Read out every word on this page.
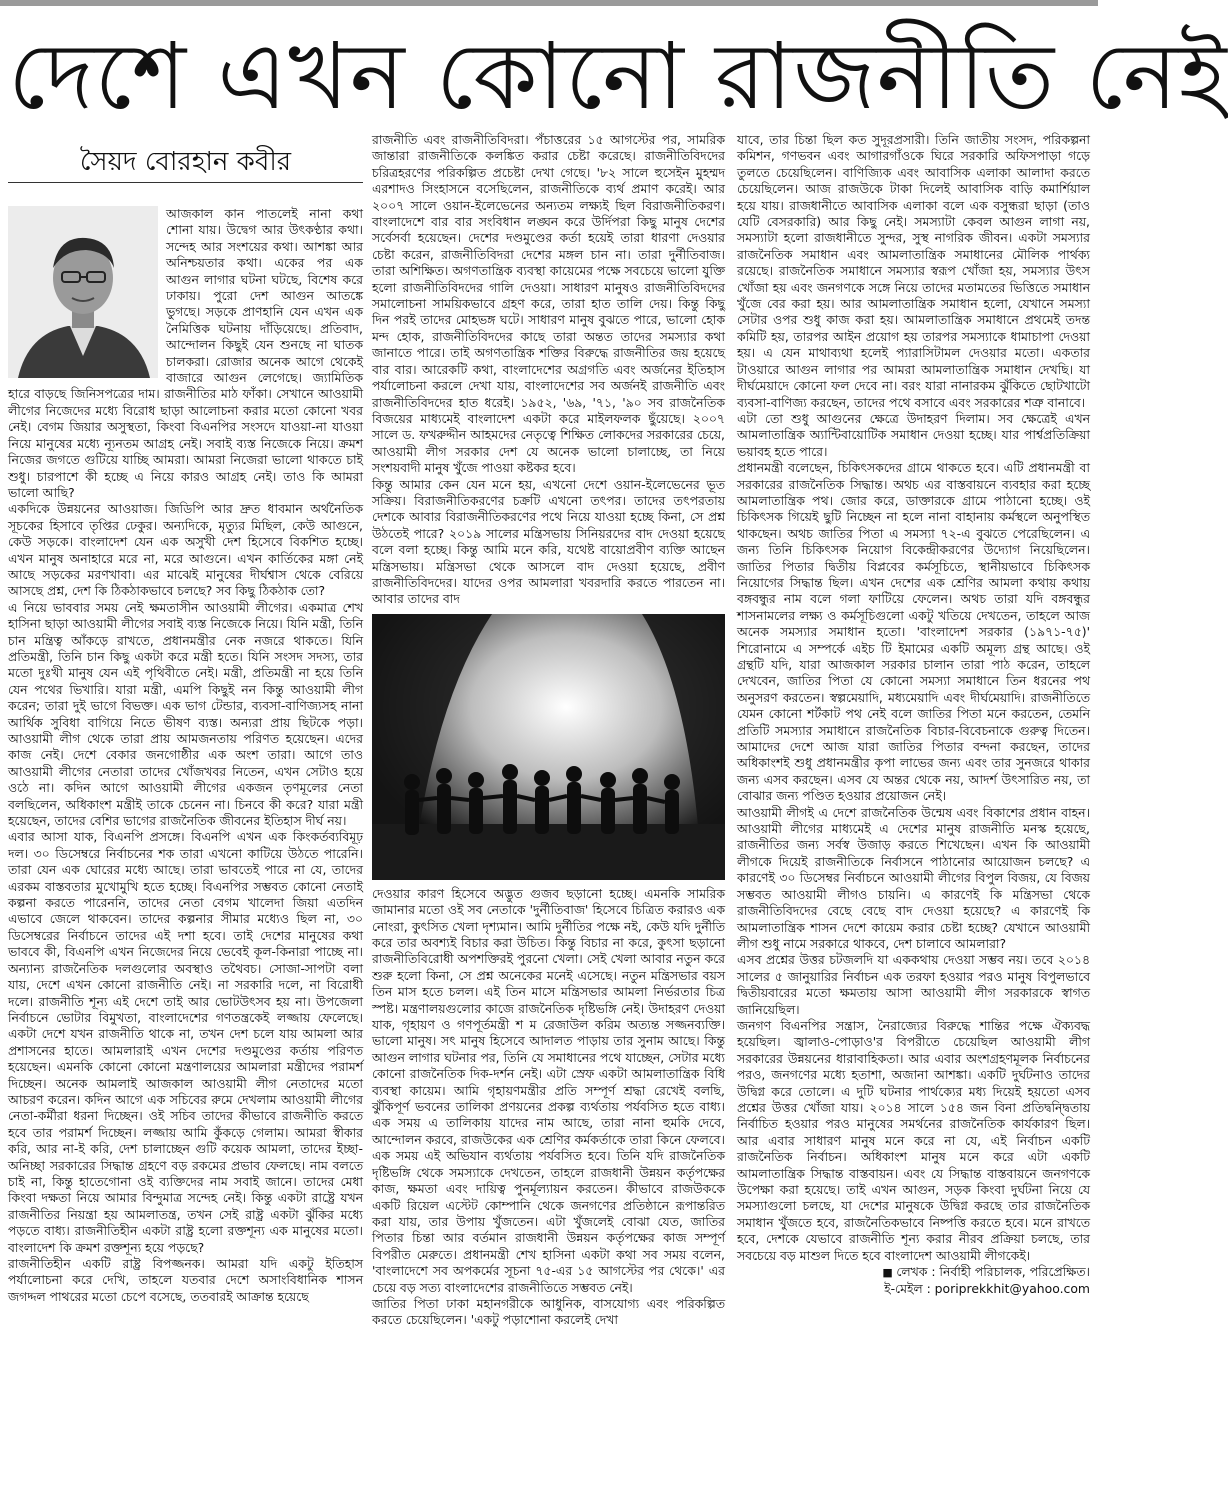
দেশে এখন কোনো রাজনীতি নেই
সৈয়দ বোরহান কবীর

আজকাল কান পাতলেই নানা কথা শোনা যায়। উদ্বেগ আর উৎকণ্ঠার কথা। সন্দেহ আর সংশয়ের কথা। আশঙ্কা আর অনিশ্চয়তার কথা। একের পর এক আগুন লাগার ঘটনা ঘটছে, বিশেষ করে ঢাকায়। পুরো দেশ আগুন আতঙ্কে ভুগছে। সড়কে প্রাণহানি যেন এখন এক নৈমিত্তিক ঘটনায় দাঁড়িয়েছে। প্রতিবাদ, আন্দোলন কিছুই যেন শুনছে না ঘাতক চালকরা। রোজার অনেক আগে থেকেই বাজারে আগুন লেগেছে। জ্যামিতিক হারে বাড়ছে জিনিসপত্রের দাম। রাজনীতির মাঠ ফাঁকা। সেখানে আওয়ামী লীগের নিজেদের মধ্যে বিরোধ ছাড়া আলোচনা করার মতো কোনো খবর নেই। বেগম জিয়ার অসুস্থতা, কিংবা বিএনপির সংসদে যাওয়া-না যাওয়া নিয়ে মানুষের মধ্যে ন্যূনতম আগ্রহ নেই। সবাই ব্যস্ত নিজেকে নিয়ে। ক্রমশ নিজের জগতে গুটিয়ে যাচ্ছি আমরা। আমরা নিজেরা ভালো থাকতে চাই শুধু। চারপাশে কী হচ্ছে এ নিয়ে কারও আগ্রহ নেই। তাও কি আমরা ভালো আছি?

একদিকে উন্নয়নের আওয়াজ। জিডিপি আর দ্রুত ধাবমান অর্থনৈতিক সূচকের হিসাবে তৃপ্তির ঢেকুর। অন্যদিকে, মৃত্যুর মিছিল, কেউ আগুনে, কেউ সড়কে। বাংলাদেশ যেন এক অসুখী দেশ হিসেবে বিকশিত হচ্ছে। এখন মানুষ অনাহারে মরে না, মরে আগুনে। এখন কার্তিকের মঙ্গা নেই আছে সড়কের মরণখাবা। এর মাঝেই মানুষের দীর্ঘশ্বাস থেকে বেরিয়ে আসছে প্রশ্ন, দেশ কি ঠিকঠাকভাবে চলছে? সব কিছু ঠিকঠাক তো?

এ নিয়ে ভাববার সময় নেই ক্ষমতাসীন আওয়ামী লীগের। একমাত্র শেখ হাসিনা ছাড়া আওয়ামী লীগের সবাই ব্যস্ত নিজেকে নিয়ে। যিনি মন্ত্রী, তিনি চান মন্ত্রিত্ব আঁকড়ে রাখতে, প্রধানমন্ত্রীর নেক নজরে থাকতে। যিনি প্রতিমন্ত্রী, তিনি চান কিছু একটা করে মন্ত্রী হতে। যিনি সংসদ সদস্য, তার মতো দুঃখী মানুষ যেন এই পৃথিবীতে নেই। মন্ত্রী, প্রতিমন্ত্রী না হয়ে তিনি যেন পথের ভিখারি। যারা মন্ত্রী, এমপি কিছুই নন কিন্তু আওয়ামী লীগ করেন; তারা দুই ভাগে বিভক্ত। এক ভাগ টেন্ডার, ব্যবসা-বাণিজ্যসহ নানা আর্থিক সুবিধা বাগিয়ে নিতে ভীষণ ব্যস্ত। অন্যরা প্রায় ছিটকে পড়া। আওয়ামী লীগ থেকে তারা প্রায় আমজনতায় পরিণত হয়েছেন। এদের কাজ নেই। দেশে বেকার জনগোষ্ঠীর এক অংশ তারা। আগে তাও আওয়ামী লীগের নেতারা তাদের খোঁজখবর নিতেন, এখন সেটাও হয়ে ওঠে না। কদিন আগে আওয়ামী লীগের একজন তৃণমূলের নেতা বলছিলেন, অধিকাংশ মন্ত্রীই তাকে চেনেন না। চিনবে কী করে? যারা মন্ত্রী হয়েছেন, তাদের বেশির ভাগের রাজনৈতিক জীবনের ইতিহাস দীর্ঘ নয়।

এবার আসা যাক, বিএনপি প্রসঙ্গে। বিএনপি এখন এক কিংকর্তব্যবিমূঢ় দল। ৩০ ডিসেম্বরে নির্বাচনের শক তারা এখনো কাটিয়ে উঠতে পারেনি। তারা যেন এক ঘোরের মধ্যে আছে। তারা ভাবতেই পারে না যে, তাদের এরকম বাস্তবতার মুখোমুখি হতে হচ্ছে। বিএনপির সম্ভবত কোনো নেতাই কল্পনা করতে পারেননি, তাদের নেতা বেগম খালেদা জিয়া এতদিন এভাবে জেলে থাকবেন। তাদের কল্পনার সীমার মধ্যেও ছিল না, ৩০ ডিসেম্বরের নির্বাচনে তাদের এই দশা হবে। তাই দেশের মানুষের কথা ভাববে কী, বিএনপি এখন নিজেদের নিয়ে ভেবেই কূল-কিনারা পাচ্ছে না। অন্যান্য রাজনৈতিক দলগুলোর অবস্থাও তথৈবচ। সোজা-সাপটা বলা যায়, দেশে এখন কোনো রাজনীতি নেই। না সরকারি দলে, না বিরোধী দলে। রাজনীতি শূন্য এই দেশে তাই আর ভোটউৎসব হয় না। উপজেলা নির্বাচনে ভোটার বিমুখতা, বাংলাদেশের গণতন্ত্রকেই লজ্জায় ফেলেছে। একটা দেশে যখন রাজনীতি থাকে না, তখন দেশ চলে যায় আমলা আর প্রশাসনের হাতে। আমলারাই এখন দেশের দণ্ডমুণ্ডের কর্তায় পরিণত হয়েছেন। এমনকি কোনো কোনো মন্ত্রণালয়ের আমলারা মন্ত্রীদের পরামর্শ দিচ্ছেন। অনেক আমলাই আজকাল আওয়ামী লীগ নেতাদের মতো আচরণ করেন। কদিন আগে এক সচিবের রুমে দেখলাম আওয়ামী লীগের নেতা-কর্মীরা ধরনা দিচ্ছেন। ওই সচিব তাদের কীভাবে রাজনীতি করতে হবে তার পরামর্শ দিচ্ছেন। লজ্জায় আমি কুঁকড়ে গেলাম। আমরা স্বীকার করি, আর না-ই করি, দেশ চালাচ্ছেন গুটি কয়েক আমলা, তাদের ইচ্ছা-অনিচ্ছা সরকারের সিদ্ধান্ত গ্রহণে বড় রকমের প্রভাব ফেলছে। নাম বলতে চাই না, কিন্তু হাতেগোনা ওই ব্যক্তিদের নাম সবাই জানে। তাদের মেধা কিংবা দক্ষতা নিয়ে আমার বিন্দুমাত্র সন্দেহ নেই। কিন্তু একটা রাষ্ট্রে যখন রাজনীতির নিয়ন্ত্রা হয় আমলাতন্ত্র, তখন সেই রাষ্ট্র একটা ঝুঁকির মধ্যে পড়তে বাধ্য। রাজনীতিহীন একটা রাষ্ট্র হলো রক্তশূন্য এক মানুষের মতো। বাংলাদেশ কি ক্রমশ রক্তশূন্য হয়ে পড়ছে?

রাজনীতিহীন একটি রাষ্ট্র বিপজ্জনক। আমরা যদি একটু ইতিহাস পর্যালোচনা করে দেখি, তাহলে যতবার দেশে অসাংবিধানিক শাসন জগদ্দল পাথরের মতো চেপে বসেছে, ততবারই আক্রান্ত হয়েছে

রাজনীতি এবং রাজনীতিবিদরা। পঁচাত্তরের ১৫ আগস্টের পর, সামরিক জান্তারা রাজনীতিকে কলঙ্কিত করার চেষ্টা করেছে। রাজনীতিবিদদের চরিত্রহরণের পরিকল্পিত প্রচেষ্টা দেখা গেছে। '৮২ সালে হুসেইন মুহম্মদ এরশাদও সিংহাসনে বসেছিলেন, রাজনীতিকে ব্যর্থ প্রমাণ করেই। আর ২০০৭ সালে ওয়ান-ইলেভেনের অন্যতম লক্ষ্যই ছিল বিরাজনীতিকরণ। বাংলাদেশে বার বার সংবিধান লঙ্ঘন করে উর্দিপরা কিছু মানুষ দেশের সর্বেসর্বা হয়েছেন। দেশের দণ্ডমুণ্ডের কর্তা হয়েই তারা ধারণা দেওয়ার চেষ্টা করেন, রাজনীতিবিদরা দেশের মঙ্গল চান না। তারা দুর্নীতিবাজ। তারা অশিক্ষিত। অগণতান্ত্রিক ব্যবস্থা কায়েমের পক্ষে সবচেয়ে ভালো যুক্তি হলো রাজনীতিবিদদের গালি দেওয়া। সাধারণ মানুষও রাজনীতিবিদদের সমালোচনা সাময়িকভাবে গ্রহণ করে, তারা হাত তালি দেয়। কিন্তু কিছু দিন পরই তাদের মোহভঙ্গ ঘটে। সাধারণ মানুষ বুঝতে পারে, ভালো হোক মন্দ হোক, রাজনীতিবিদদের কাছে তারা অন্তত তাদের সমস্যার কথা জানাতে পারে। তাই অগণতান্ত্রিক শক্তির বিরুদ্ধে রাজনীতির জয় হয়েছে বার বার। আরেকটি কথা, বাংলাদেশের অগ্রগতি এবং অর্জনের ইতিহাস পর্যালোচনা করলে দেখা যায়, বাংলাদেশের সব অর্জনই রাজনীতি এবং রাজনীতিবিদদের হাত ধরেই। ১৯৫২, '৬৯, '৭১, '৯০ সব রাজনৈতিক বিজয়ের মাধ্যমেই বাংলাদেশ একটা করে মাইলফলক ছুঁয়েছে। ২০০৭ সালে ড. ফখরুদ্দীন আহমদের নেতৃত্বে শিক্ষিত লোকদের সরকারের চেয়ে, আওয়ামী লীগ সরকার দেশ যে অনেক ভালো চালাচ্ছে, তা নিয়ে সংশয়বাদী মানুষ খুঁজে পাওয়া কষ্টকর হবে।

কিন্তু আমার কেন যেন মনে হয়, এখনো দেশে ওয়ান-ইলেভেনের ভূত সক্রিয়। বিরাজনীতিকরণের চক্রটি এখনো তৎপর। তাদের তৎপরতায় দেশকে আবার বিরাজনীতিকরণের পথে নিয়ে যাওয়া হচ্ছে কিনা, সে প্রশ্ন উঠতেই পারে? ২০১৯ সালের মন্ত্রিসভায় সিনিয়রদের বাদ দেওয়া হয়েছে বলে বলা হচ্ছে। কিন্তু আমি মনে করি, যথেষ্ট বায়োপ্রবীণ ব্যক্তি আছেন মন্ত্রিসভায়। মন্ত্রিসভা থেকে আসলে বাদ দেওয়া হয়েছে, প্রবীণ রাজনীতিবিদদের। যাদের ওপর আমলারা খবরদারি করতে পারতেন না। আবার তাদের বাদ

দেওয়ার কারণ হিসেবে অদ্ভুত গুজব ছড়ানো হচ্ছে। এমনকি সামরিক জামানার মতো ওই সব নেতাকে 'দুর্নীতিবাজ' হিসেবে চিত্রিত করারও এক নোংরা, কুৎসিত খেলা দৃশ্যমান। আমি দুর্নীতির পক্ষে নই, কেউ যদি দুর্নীতি করে তার অবশ্যই বিচার করা উচিত। কিন্তু বিচার না করে, কুৎসা ছড়ানো রাজনীতিবিরোধী অপশক্তিরই পুরনো খেলা। সেই খেলা আবার নতুন করে শুরু হলো কিনা, সে প্রশ্ন অনেকের মনেই এসেছে। নতুন মন্ত্রিসভার বয়স তিন মাস হতে চলল। এই তিন মাসে মন্ত্রিসভার আমলা নির্ভরতার চিত্র স্পষ্ট। মন্ত্রণালয়গুলোর কাজে রাজনৈতিক দৃষ্টিভঙ্গি নেই। উদাহরণ দেওয়া যাক, গৃহায়ণ ও গণপূর্তমন্ত্রী শ ম রেজাউল করিম অত্যন্ত সজ্জনব্যক্তি। ভালো মানুষ। সৎ মানুষ হিসেবে আদালত পাড়ায় তার সুনাম আছে। কিন্তু আগুন লাগার ঘটনার পর, তিনি যে সমাধানের পথে যাচ্ছেন, সেটার মধ্যে কোনো রাজনৈতিক দিক-দর্শন নেই। এটা স্রেফ একটা আমলাতান্ত্রিক বিধি ব্যবস্থা কায়েম। আমি গৃহায়ণমন্ত্রীর প্রতি সম্পূর্ণ শ্রদ্ধা রেখেই বলছি, ঝুঁকিপূর্ণ ভবনের তালিকা প্রণয়নের প্রকল্প ব্যর্থতায় পর্যবসিত হতে বাধ্য। এক সময় এ তালিকায় যাদের নাম আছে, তারা নানা হুমকি দেবে, আন্দোলন করবে, রাজউকের এক শ্রেণির কর্মকর্তাকে তারা কিনে ফেলবে। এক সময় এই অভিযান ব্যর্থতায় পর্যবসিত হবে। তিনি যদি রাজনৈতিক দৃষ্টিভঙ্গি থেকে সমস্যাকে দেখতেন, তাহলে রাজধানী উন্নয়ন কর্তৃপক্ষের কাজ, ক্ষমতা এবং দায়িত্ব পুনর্মূল্যায়ন করতেন। কীভাবে রাজউককে একটি রিয়েল এস্টেট কোম্পানি থেকে জনগণের প্রতিষ্ঠানে রূপান্তরিত করা যায়, তার উপায় খুঁজতেন। এটা খুঁজলেই বোঝা যেত, জাতির পিতার চিন্তা আর বর্তমান রাজধানী উন্নয়ন কর্তৃপক্ষের কাজ সম্পূর্ণ বিপরীত মেরুতে। প্রধানমন্ত্রী শেখ হাসিনা একটা কথা সব সময় বলেন, 'বাংলাদেশে সব অপকর্মের সূচনা ৭৫-এর ১৫ আগস্টের পর থেকে।' এর চেয়ে বড় সত্য বাংলাদেশের রাজনীতিতে সম্ভবত নেই।

জাতির পিতা ঢাকা মহানগরীকে আধুনিক, বাসযোগ্য এবং পরিকল্পিত করতে চেয়েছিলেন। 'একটু পড়াশোনা করলেই দেখা

যাবে, তার চিন্তা ছিল কত সুদূরপ্রসারী। তিনি জাতীয় সংসদ, পরিকল্পনা কমিশন, গণভবন এবং আগারগাঁওকে ঘিরে সরকারি অফিসপাড়া গড়ে তুলতে চেয়েছিলেন। বাণিজ্যিক এবং আবাসিক এলাকা আলাদা করতে চেয়েছিলেন। আজ রাজউকে টাকা দিলেই আবাসিক বাড়ি কমার্শিয়াল হয়ে যায়। রাজধানীতে আবাসিক এলাকা বলে এক বসুন্ধরা ছাড়া (তাও যেটি বেসরকারি) আর কিছু নেই। সমস্যাটা কেবল আগুন লাগা নয়, সমস্যাটা হলো রাজধানীতে সুন্দর, সুস্থ নাগরিক জীবন। একটা সমস্যার রাজনৈতিক সমাধান এবং আমলাতান্ত্রিক সমাধানের মৌলিক পার্থক্য রয়েছে। রাজনৈতিক সমাধানে সমস্যার স্বরূপ খোঁজা হয়, সমস্যার উৎস খোঁজা হয় এবং জনগণকে সঙ্গে নিয়ে তাদের মতামতের ভিত্তিতে সমাধান খুঁজে বের করা হয়। আর আমলাতান্ত্রিক সমাধান হলো, যেখানে সমস্যা সেটার ওপর শুধু কাজ করা হয়। আমলাতান্ত্রিক সমাধানে প্রথমেই তদন্ত কমিটি হয়, তারপর আইন প্রয়োগ হয় তারপর সমস্যাকে ধামাচাপা দেওয়া হয়। এ যেন মাথাব্যথা হলেই প্যারাসিটামল দেওয়ার মতো। একতার টাওয়ারে আগুন লাগার পর আমরা আমলাতান্ত্রিক সমাধান দেখছি। যা দীর্ঘমেয়াদে কোনো ফল দেবে না। বরং যারা নানারকম ঝুঁকিতে ছোটখাটো ব্যবসা-বাণিজ্য করছেন, তাদের পথে বসাবে এবং সরকারের শত্রু বানাবে।

এটা তো শুধু আগুনের ক্ষেত্রে উদাহরণ দিলাম। সব ক্ষেত্রেই এখন আমলাতান্ত্রিক অ্যান্টিবায়োটিক সমাধান দেওয়া হচ্ছে। যার পার্শ্বপ্রতিক্রিয়া ভয়াবহ হতে পারে।

প্রধানমন্ত্রী বলেছেন, চিকিৎসকদের গ্রামে থাকতে হবে। এটি প্রধানমন্ত্রী বা সরকারের রাজনৈতিক সিদ্ধান্ত। অথচ এর বাস্তবায়নে ব্যবহার করা হচ্ছে আমলাতান্ত্রিক পথ। জোর করে, ডাক্তারকে গ্রামে পাঠানো হচ্ছে। ওই চিকিৎসক গিয়েই ছুটি নিচ্ছেন না হলে নানা বাহানায় কর্মস্থলে অনুপস্থিত থাকছেন। অথচ জাতির পিতা এ সমস্যা ৭২-এ বুঝতে পেরেছিলেন। এ জন্য তিনি চিকিৎসক নিয়োগ বিকেন্দ্রীকরণের উদ্যোগ নিয়েছিলেন। জাতির পিতার দ্বিতীয় বিপ্লবের কর্মসূচিতে, স্থানীয়ভাবে চিকিৎসক নিয়োগের সিদ্ধান্ত ছিল। এখন দেশের এক শ্রেণির আমলা কথায় কথায় বঙ্গবন্ধুর নাম বলে গলা ফাটিয়ে ফেলেন। অথচ তারা যদি বঙ্গবন্ধুর শাসনামলের লক্ষ্য ও কর্মসূচিগুলো একটু খতিয়ে দেখতেন, তাহলে আজ অনেক সমস্যার সমাধান হতো। 'বাংলাদেশ সরকার (১৯৭১-৭৫)' শিরোনামে এ সম্পর্কে এইচ টি ইমামের একটি অমূল্য গ্রন্থ আছে। ওই গ্রন্থটি যদি, যারা আজকাল সরকার চালান তারা পাঠ করেন, তাহলে দেখবেন, জাতির পিতা যে কোনো সমস্যা সমাধানে তিন ধরনের পথ অনুসরণ করতেন। স্বল্পমেয়াদি, মধ্যমেয়াদি এবং দীর্ঘমেয়াদি। রাজনীতিতে যেমন কোনো শর্টকাট পথ নেই বলে জাতির পিতা মনে করতেন, তেমনি প্রতিটি সমস্যার সমাধানে রাজনৈতিক বিচার-বিবেচনাকে গুরুত্ব দিতেন। আমাদের দেশে আজ যারা জাতির পিতার বন্দনা করছেন, তাদের অধিকাংশই শুধু প্রধানমন্ত্রীর কৃপা লাভের জন্য এবং তার সুনজরে থাকার জন্য এসব করছেন। এসব যে অন্তর থেকে নয়, আদর্শ উৎসারিত নয়, তা বোঝার জন্য পণ্ডিত হওয়ার প্রয়োজন নেই।

আওয়ামী লীগই এ দেশে রাজনৈতিক উন্মেষ এবং বিকাশের প্রধান বাহন। আওয়ামী লীগের মাধ্যমেই এ দেশের মানুষ রাজনীতি মনস্ক হয়েছে, রাজনীতির জন্য সর্বস্ব উজাড় করতে শিখেছেন। এখন কি আওয়ামী লীগকে দিয়েই রাজনীতিকে নির্বাসনে পাঠানোর আয়োজন চলছে? এ কারণেই ৩০ ডিসেম্বর নির্বাচনে আওয়ামী লীগের বিপুল বিজয়, যে বিজয় সম্ভবত আওয়ামী লীগও চায়নি। এ কারণেই কি মন্ত্রিসভা থেকে রাজনীতিবিদদের বেছে বেছে বাদ দেওয়া হয়েছে? এ কারণেই কি আমলাতান্ত্রিক শাসন দেশে কায়েম করার চেষ্টা হচ্ছে? যেখানে আওয়ামী লীগ শুধু নামে সরকারে থাকবে, দেশ চালাবে আমলারা?

এসব প্রশ্নের উত্তর চটজলদি যা এককথায় দেওয়া সম্ভব নয়। তবে ২০১৪ সালের ৫ জানুয়ারির নির্বাচন এক তরফা হওয়ার পরও মানুষ বিপুলভাবে দ্বিতীয়বারের মতো ক্ষমতায় আসা আওয়ামী লীগ সরকারকে স্বাগত জানিয়েছিল।

জনগণ বিএনপির সন্ত্রাস, নৈরাজ্যের বিরুদ্ধে শান্তির পক্ষে ঐক্যবদ্ধ হয়েছিল। জ্বালাও-পোড়াও'র বিপরীতে চেয়েছিল আওয়ামী লীগ সরকারের উন্নয়নের ধারাবাহিকতা। আর এবার অংশগ্রহণমূলক নির্বাচনের পরও, জনগণের মধ্যে হতাশা, অজানা আশঙ্কা। একটি দুর্ঘটনাও তাদের উদ্বিগ্ন করে তোলে। এ দুটি ঘটনার পার্থক্যের মধ্য দিয়েই হয়তো এসব প্রশ্নের উত্তর খোঁজা যায়। ২০১৪ সালে ১৫৪ জন বিনা প্রতিদ্বন্দ্বিতায় নির্বাচিত হওয়ার পরও মানুষের সমর্থনের রাজনৈতিক কার্যকারণ ছিল। আর এবার সাধারণ মানুষ মনে করে না যে, এই নির্বাচন একটি রাজনৈতিক নির্বাচন। অধিকাংশ মানুষ মনে করে এটা একটি আমলাতান্ত্রিক সিদ্ধান্ত বাস্তবায়ন। এবং যে সিদ্ধান্ত বাস্তবায়নে জনগণকে উপেক্ষা করা হয়েছে। তাই এখন আগুন, সড়ক কিংবা দুর্ঘটনা নিয়ে যে সমস্যাগুলো চলছে, যা দেশের মানুষকে উদ্বিগ্ন করছে তার রাজনৈতিক সমাধান খুঁজতে হবে, রাজনৈতিকভাবে নিষ্পত্তি করতে হবে। মনে রাখতে হবে, দেশকে যেভাবে রাজনীতি শূন্য করার নীরব প্রক্রিয়া চলছে, তার সবচেয়ে বড় মাশুল দিতে হবে বাংলাদেশ আওয়ামী লীগকেই।

■ লেখক : নির্বাহী পরিচালক, পরিপ্রেক্ষিত।
ই-মেইল : poriprekkhit@yahoo.com
